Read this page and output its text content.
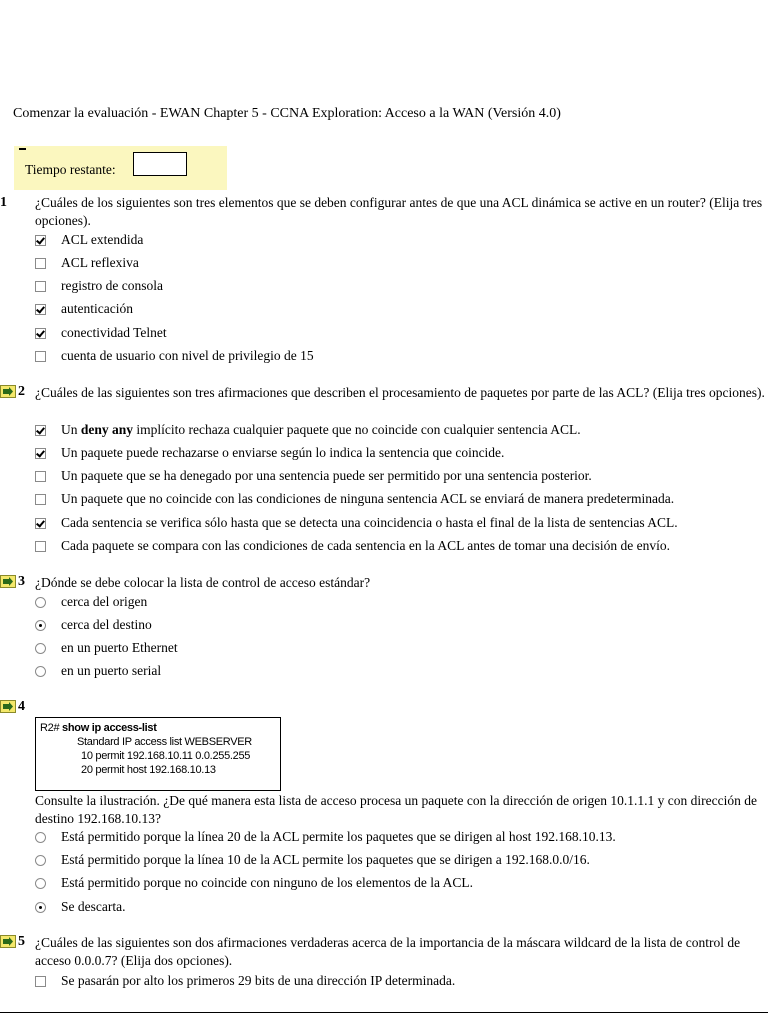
Comenzar la evaluación - EWAN Chapter 5 - CCNA Exploration: Acceso a la WAN (Versión 4.0)
Tiempo restante:
1 ¿Cuáles de los siguientes son tres elementos que se deben configurar antes de que una ACL dinámica se active en un router? (Elija tres opciones).
ACL extendida
ACL reflexiva
registro de consola
autenticación
conectividad Telnet
cuenta de usuario con nivel de privilegio de 15
2 ¿Cuáles de las siguientes son tres afirmaciones que describen el procesamiento de paquetes por parte de las ACL? (Elija tres opciones).
Un deny any implícito rechaza cualquier paquete que no coincide con cualquier sentencia ACL.
Un paquete puede rechazarse o enviarse según lo indica la sentencia que coincide.
Un paquete que se ha denegado por una sentencia puede ser permitido por una sentencia posterior.
Un paquete que no coincide con las condiciones de ninguna sentencia ACL se enviará de manera predeterminada.
Cada sentencia se verifica sólo hasta que se detecta una coincidencia o hasta el final de la lista de sentencias ACL.
Cada paquete se compara con las condiciones de cada sentencia en la ACL antes de tomar una decisión de envío.
3 ¿Dónde se debe colocar la lista de control de acceso estándar?
cerca del origen
cerca del destino
en un puerto Ethernet
en un puerto serial
4
R2# show ip access-list
Standard IP access list WEBSERVER
10 permit 192.168.10.11 0.0.255.255
20 permit host 192.168.10.13
Consulte la ilustración. ¿De qué manera esta lista de acceso procesa un paquete con la dirección de origen 10.1.1.1 y con dirección de destino 192.168.10.13?
Está permitido porque la línea 20 de la ACL permite los paquetes que se dirigen al host 192.168.10.13.
Está permitido porque la línea 10 de la ACL permite los paquetes que se dirigen a 192.168.0.0/16.
Está permitido porque no coincide con ninguno de los elementos de la ACL.
Se descarta.
5 ¿Cuáles de las siguientes son dos afirmaciones verdaderas acerca de la importancia de la máscara wildcard de la lista de control de acceso 0.0.0.7? (Elija dos opciones).
Se pasarán por alto los primeros 29 bits de una dirección IP determinada.
